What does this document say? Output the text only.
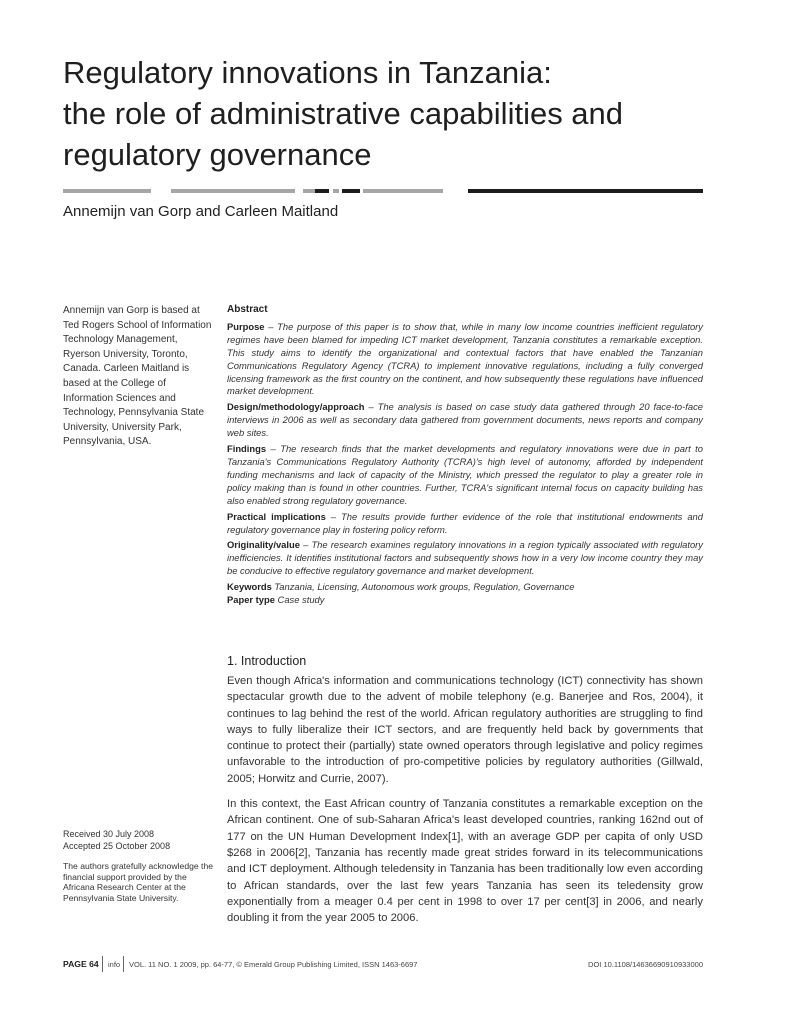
Regulatory innovations in Tanzania:
the role of administrative capabilities and
regulatory governance
Annemijn van Gorp and Carleen Maitland
Annemijn van Gorp is based at Ted Rogers School of Information Technology Management, Ryerson University, Toronto, Canada. Carleen Maitland is based at the College of Information Sciences and Technology, Pennsylvania State University, University Park, Pennsylvania, USA.
Received 30 July 2008
Accepted 25 October 2008
The authors gratefully acknowledge the financial support provided by the Africana Research Center at the Pennsylvania State University.
Abstract

Purpose – The purpose of this paper is to show that, while in many low income countries inefficient regulatory regimes have been blamed for impeding ICT market development, Tanzania constitutes a remarkable exception. This study aims to identify the organizational and contextual factors that have enabled the Tanzanian Communications Regulatory Agency (TCRA) to implement innovative regulations, including a fully converged licensing framework as the first country on the continent, and how subsequently these regulations have influenced market development.

Design/methodology/approach – The analysis is based on case study data gathered through 20 face-to-face interviews in 2006 as well as secondary data gathered from government documents, news reports and company web sites.

Findings – The research finds that the market developments and regulatory innovations were due in part to Tanzania's Communications Regulatory Authority (TCRA)'s high level of autonomy, afforded by independent funding mechanisms and lack of capacity of the Ministry, which pressed the regulator to play a greater role in policy making than is found in other countries. Further, TCRA's significant internal focus on capacity building has also enabled strong regulatory governance.

Practical implications – The results provide further evidence of the role that institutional endowments and regulatory governance play in fostering policy reform.

Originality/value – The research examines regulatory innovations in a region typically associated with regulatory inefficiencies. It identifies institutional factors and subsequently shows how in a very low income country they may be conducive to effective regulatory governance and market development.

Keywords Tanzania, Licensing, Autonomous work groups, Regulation, Governance

Paper type Case study

1. Introduction

Even though Africa's information and communications technology (ICT) connectivity has shown spectacular growth due to the advent of mobile telephony (e.g. Banerjee and Ros, 2004), it continues to lag behind the rest of the world. African regulatory authorities are struggling to find ways to fully liberalize their ICT sectors, and are frequently held back by governments that continue to protect their (partially) state owned operators through legislative and policy regimes unfavorable to the introduction of pro-competitive policies by regulatory authorities (Gillwald, 2005; Horwitz and Currie, 2007).

In this context, the East African country of Tanzania constitutes a remarkable exception on the African continent. One of sub-Saharan Africa's least developed countries, ranking 162nd out of 177 on the UN Human Development Index[1], with an average GDP per capita of only USD $268 in 2006[2], Tanzania has recently made great strides forward in its telecommunications and ICT deployment. Although teledensity in Tanzania has been traditionally low even according to African standards, over the last few years Tanzania has seen its teledensity grow exponentially from a meager 0.4 per cent in 1998 to over 17 per cent[3] in 2006, and nearly doubling it from the year 2005 to 2006.

PAGE 64 info VOL. 11 NO. 1 2009, pp. 64-77, © Emerald Group Publishing Limited, ISSN 1463-6697	DOI 10.1108/14636690910933000
